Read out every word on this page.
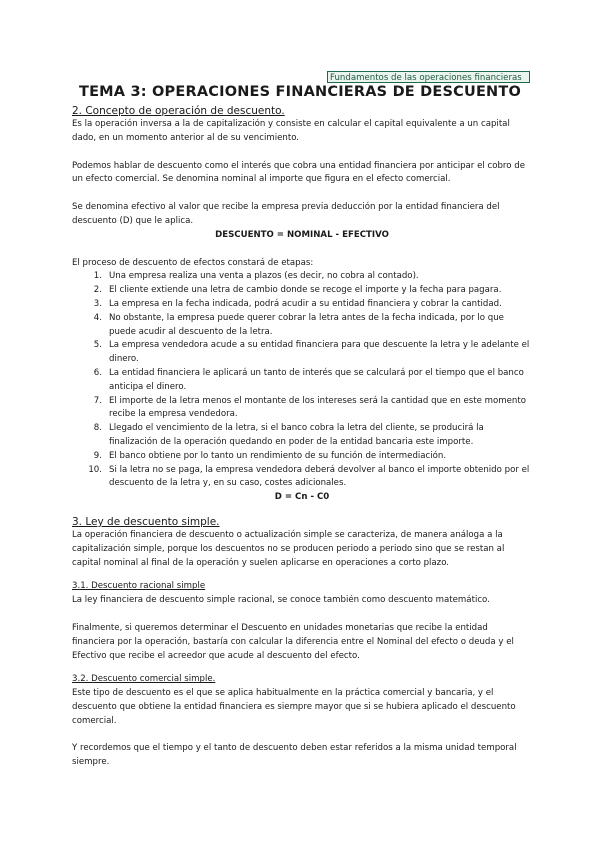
Fundamentos de las operaciones financieras
TEMA 3: OPERACIONES FINANCIERAS DE DESCUENTO

2. Concepto de operación de descuento.

Es la operación inversa a la de capitalización y consiste en calcular el capital equivalente a un capital dado, en un momento anterior al de su vencimiento.

Podemos hablar de descuento como el interés que cobra una entidad financiera por anticipar el cobro de un efecto comercial. Se denomina nominal al importe que figura en el efecto comercial.

Se denomina efectivo al valor que recibe la empresa previa deducción por la entidad financiera del descuento (D) que le aplica.

DESCUENTO = NOMINAL - EFECTIVO

El proceso de descuento de efectos constará de etapas:

1. Una empresa realiza una venta a plazos (es decir, no cobra al contado).
2. El cliente extiende una letra de cambio donde se recoge el importe y la fecha para pagara.
3. La empresa en la fecha indicada, podrá acudir a su entidad financiera y cobrar la cantidad.
4. No obstante, la empresa puede querer cobrar la letra antes de la fecha indicada, por lo que puede acudir al descuento de la letra.
5. La empresa vendedora acude a su entidad financiera para que descuente la letra y le adelante el dinero.
6. La entidad financiera le aplicará un tanto de interés que se calculará por el tiempo que el banco anticipa el dinero.
7. El importe de la letra menos el montante de los intereses será la cantidad que en este momento recibe la empresa vendedora.
8. Llegado el vencimiento de la letra, si el banco cobra la letra del cliente, se producirá la finalización de la operación quedando en poder de la entidad bancaria este importe.
9. El banco obtiene por lo tanto un rendimiento de su función de intermediación.
10. Si la letra no se paga, la empresa vendedora deberá devolver al banco el importe obtenido por el descuento de la letra y, en su caso, costes adicionales.

D = Cn - C0

3. Ley de descuento simple.

La operación financiera de descuento o actualización simple se caracteriza, de manera análoga a la capitalización simple, porque los descuentos no se producen periodo a periodo sino que se restan al capital nominal al final de la operación y suelen aplicarse en operaciones a corto plazo.

3.1. Descuento racional simple

La ley financiera de descuento simple racional, se conoce también como descuento matemático.

Finalmente, si queremos determinar el Descuento en unidades monetarias que recibe la entidad financiera por la operación, bastaría con calcular la diferencia entre el Nominal del efecto o deuda y el Efectivo que recibe el acreedor que acude al descuento del efecto.

3.2. Descuento comercial simple.

Este tipo de descuento es el que se aplica habitualmente en la práctica comercial y bancaria, y el descuento que obtiene la entidad financiera es siempre mayor que si se hubiera aplicado el descuento comercial.

Y recordemos que el tiempo y el tanto de descuento deben estar referidos a la misma unidad temporal siempre.
